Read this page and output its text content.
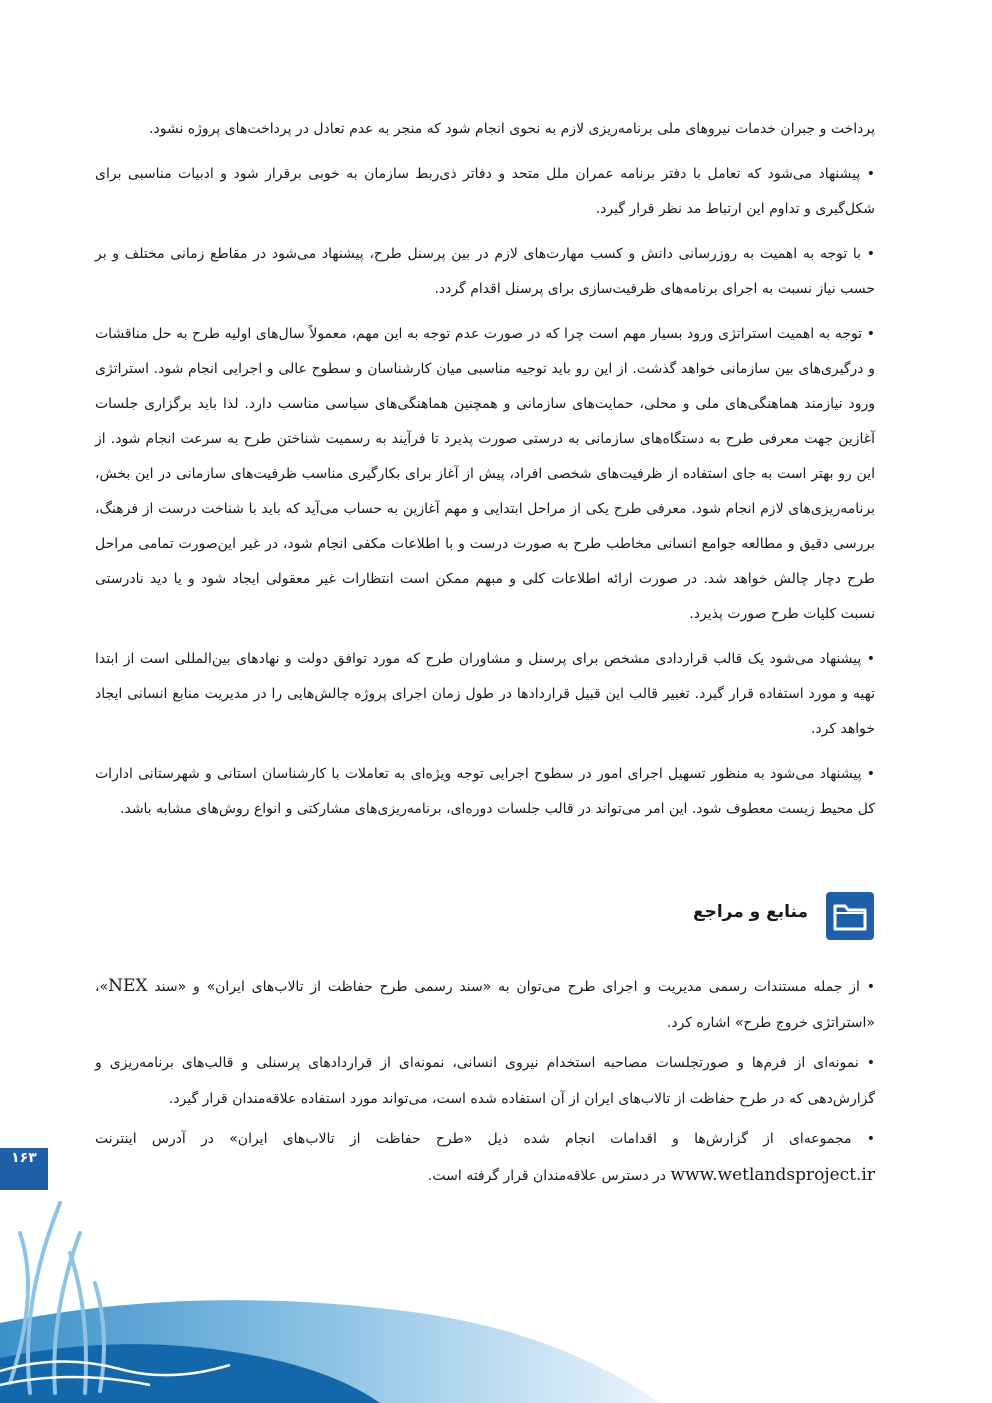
پرداخت و جبران خدمات نیروهای ملی برنامه‌ریزی لازم به نحوی انجام شود که منجر به عدم تعادل در پرداخت‌های پروژه نشود.

• پیشنهاد می‌شود که تعامل با دفتر برنامه عمران ملل متحد و دفاتر ذی‌ربط سازمان به خوبی برقرار شود و ادبیات مناسبی برای شکل‌گیری و تداوم این ارتباط مد نظر قرار گیرد.

• با توجه به اهمیت به روزرسانی دانش و کسب مهارت‌های لازم در بین پرسنل طرح، پیشنهاد می‌شود در مقاطع زمانی مختلف و بر حسب نیاز نسبت به اجرای برنامه‌های ظرفیت‌سازی برای پرسنل اقدام گردد.

• توجه به اهمیت استراتژی ورود بسیار مهم است چرا که در صورت عدم توجه به این مهم، معمولاً سال‌های اولیه طرح به حل مناقشات و درگیری‌های بین سازمانی خواهد گذشت. از این رو باید توجیه مناسبی میان کارشناسان و سطوح عالی و اجرایی انجام شود. استراتژی ورود نیازمند هماهنگی‌های ملی و محلی، حمایت‌های سازمانی و همچنین هماهنگی‌های سیاسی مناسب دارد. لذا باید برگزاری جلسات آغازین جهت معرفی طرح به دستگاه‌های سازمانی به درستی صورت پذیرد تا فرآیند به رسمیت شناختن طرح به سرعت انجام شود. از این رو بهتر است به جای استفاده از ظرفیت‌های شخصی افراد، پیش از آغاز برای بکارگیری مناسب ظرفیت‌های سازمانی در این بخش، برنامه‌ریزی‌های لازم انجام شود. معرفی طرح یکی از مراحل ابتدایی و مهم آغازین به حساب می‌آید که باید با شناخت درست از فرهنگ، بررسی دقیق و مطالعه جوامع انسانی مخاطب طرح به صورت درست و با اطلاعات مکفی انجام شود، در غیر این‌صورت تمامی مراحل طرح دچار چالش خواهد شد. در صورت ارائه اطلاعات کلی و مبهم ممکن است انتظارات غیر معقولی ایجاد شود و یا دید نادرستی نسبت کلیات طرح صورت پذیرد.

• پیشنهاد می‌شود یک قالب قراردادی مشخص برای پرسنل و مشاوران طرح که مورد توافق دولت و نهادهای بین‌المللی است از ابتدا تهیه و مورد استفاده قرار گیرد. تغییر قالب این قبیل قراردادها در طول زمان اجرای پروژه چالش‌هایی را در مدیریت منابع انسانی ایجاد خواهد کرد.

• پیشنهاد می‌شود به منظور تسهیل اجرای امور در سطوح اجرایی توجه ویژه‌ای به تعاملات با کارشناسان استانی و شهرستانی ادارات کل محیط زیست معطوف شود. این امر می‌تواند در قالب جلسات دوره‌ای، برنامه‌ریزی‌های مشارکتی و انواع روش‌های مشابه باشد.

منابع و مراجع

• از جمله مستندات رسمی مدیریت و اجرای طرح می‌توان به «سند رسمی طرح حفاظت از تالاب‌های ایران» و «سند NEX»، «استراتژی خروج طرح» اشاره کرد.

• نمونه‌ای از فرم‌ها و صورتجلسات مصاحبه استخدام نیروی انسانی، نمونه‌ای از قراردادهای پرسنلی و قالب‌های برنامه‌ریزی و گزارش‌دهی که در طرح حفاظت از تالاب‌های ایران از آن استفاده شده است، می‌تواند مورد استفاده علاقه‌مندان قرار گیرد.

• مجموعه‌ای از گزارش‌ها و اقدامات انجام شده ذیل «طرح حفاظت از تالاب‌های ایران» در آدرس اینترنت www.wetlandsproject.ir در دسترس علاقه‌مندان قرار گرفته است.

۱۶۳
